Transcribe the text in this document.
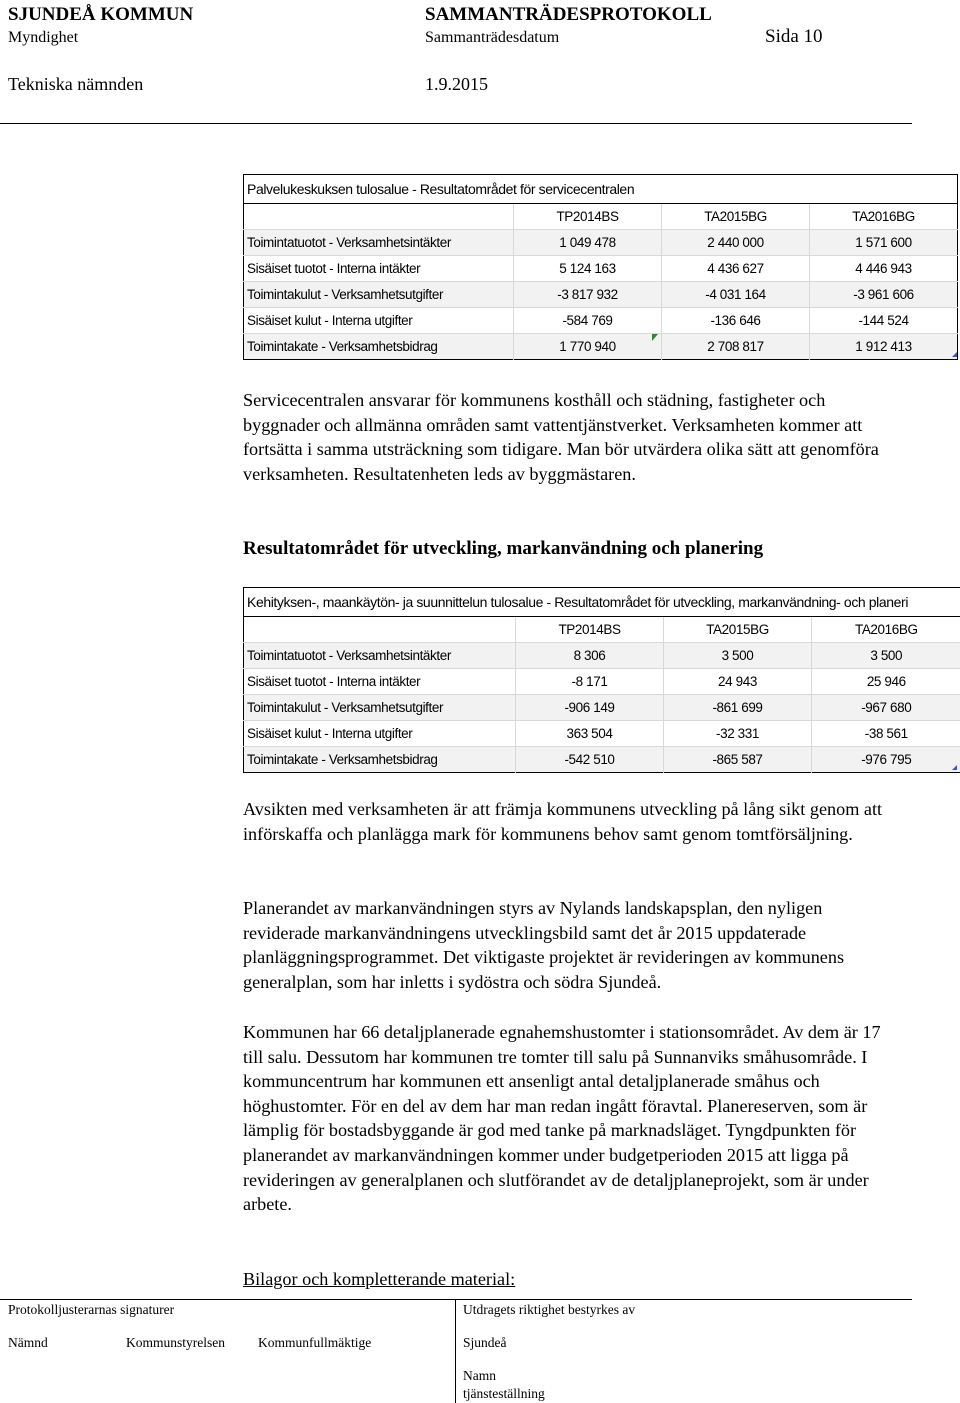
SJUNDEÅ KOMMUN
Myndighet
SAMMANTRÄDESPROTOKOLL
Sammanträdesdatum	Sida 10
Tekniska nämnden	1.9.2015
Palvelukeskuksen tulosalue - Resultatområdet för servicecentralen			
	TP2014BS	TA2015BG	TA2016BG
Toimintatuotot - Verksamhetsintäkter	1 049 478	2 440 000	1 571 600
Sisäiset tuotot - Interna intäkter	5 124 163	4 436 627	4 446 943
Toimintakulut - Verksamhetsutgifter	-3 817 932	-4 031 164	-3 961 606
Sisäiset kulut - Interna utgifter	-584 769	-136 646	-144 524
Toimintakate - Verksamhetsbidrag	1 770 940	2 708 817	1 912 413

Servicecentralen ansvarar för kommunens kosthåll och städning, fastigheter och byggnader och allmänna områden samt vattentjänstverket. Verksamheten kommer att fortsätta i samma utsträckning som tidigare. Man bör utvärdera olika sätt att genomföra verksamheten. Resultatenheten leds av byggmästaren.

Resultatområdet för utveckling, markanvändning och planering
Kehityksen-, maankäytön- ja suunnittelun tulosalue - Resultatområdet för utveckling, markanvändning- och planeri			
	TP2014BS	TA2015BG	TA2016BG
Toimintatuotot - Verksamhetsintäkter	8 306	3 500	3 500
Sisäiset tuotot - Interna intäkter	-8 171	24 943	25 946
Toimintakulut - Verksamhetsutgifter	-906 149	-861 699	-967 680
Sisäiset kulut - Interna utgifter	363 504	-32 331	-38 561
Toimintakate - Verksamhetsbidrag	-542 510	-865 587	-976 795

Avsikten med verksamheten är att främja kommunens utveckling på lång sikt genom att införskaffa och planlägga mark för kommunens behov samt genom tomtförsäljning.

Planerandet av markanvändningen styrs av Nylands landskapsplan, den nyligen reviderade markanvändningens utvecklingsbild samt det år 2015 uppdaterade planläggningsprogrammet. Det viktigaste projektet är revideringen av kommunens generalplan, som har inletts i sydöstra och södra Sjundeå.

Kommunen har 66 detaljplanerade egnahemshustomter i stationsområdet. Av dem är 17 till salu. Dessutom har kommunen tre tomter till salu på Sunnanviks småhusområde. I kommuncentrum har kommunen ett ansenligt antal detaljplanerade småhus och höghustomter. För en del av dem har man redan ingått föravtal. Planereserven, som är lämplig för bostadsbyggande är god med tanke på marknadsläget. Tyngdpunkten för planerandet av markanvändningen kommer under budgetperioden 2015 att ligga på revideringen av generalplanen och slutförandet av de detaljplaneprojekt, som är under arbete.

Bilagor och kompletterande material:
Protokolljusterarnas signaturer	Utdragets riktighet bestyrkes av
Nämnd	Kommunstyrelsen Kommunfullmäktige	Sjundeå
Namn
tjänsteställning
